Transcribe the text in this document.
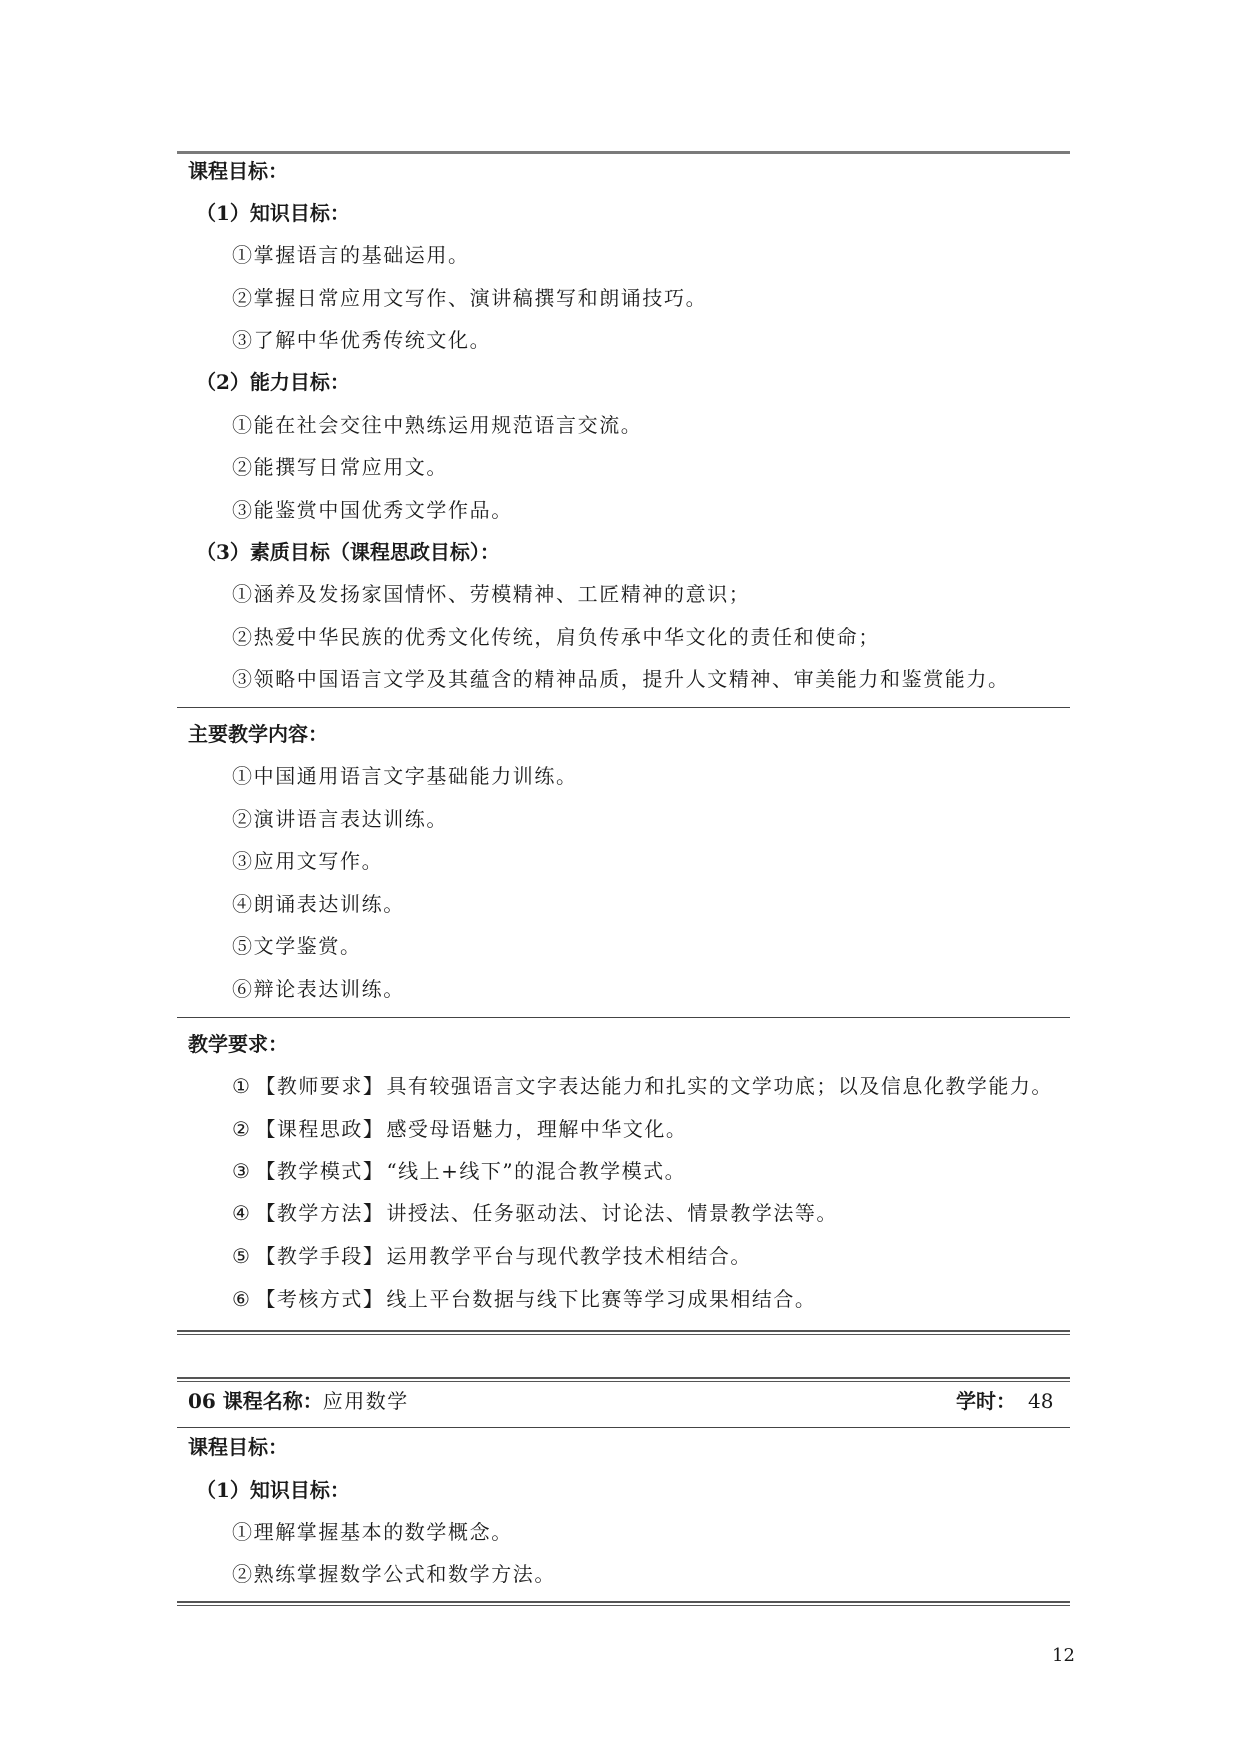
课程目标：
（1）知识目标：
①掌握语言的基础运用。
②掌握日常应用文写作、演讲稿撰写和朗诵技巧。
③了解中华优秀传统文化。
（2）能力目标：
①能在社会交往中熟练运用规范语言交流。
②能撰写日常应用文。
③能鉴赏中国优秀文学作品。
（3）素质目标（课程思政目标）：
①涵养及发扬家国情怀、劳模精神、工匠精神的意识；
②热爱中华民族的优秀文化传统，肩负传承中华文化的责任和使命；
③领略中国语言文学及其蕴含的精神品质，提升人文精神、审美能力和鉴赏能力。
主要教学内容：
①中国通用语言文字基础能力训练。
②演讲语言表达训练。
③应用文写作。
④朗诵表达训练。
⑤文学鉴赏。
⑥辩论表达训练。
教学要求：
① 【教师要求】 具有较强语言文字表达能力和扎实的文学功底；以及信息化教学能力。
② 【课程思政】 感受母语魅力，理解中华文化。
③ 【教学模式】 “线上+线下”的混合教学模式。
④ 【教学方法】 讲授法、任务驱动法、讨论法、情景教学法等。
⑤ 【教学手段】 运用教学平台与现代教学技术相结合。
⑥ 【考核方式】 线上平台数据与线下比赛等学习成果相结合。
06 课程名称：应用数学	学时： 48
课程目标：
（1）知识目标：
①理解掌握基本的数学概念。
②熟练掌握数学公式和数学方法。
12
